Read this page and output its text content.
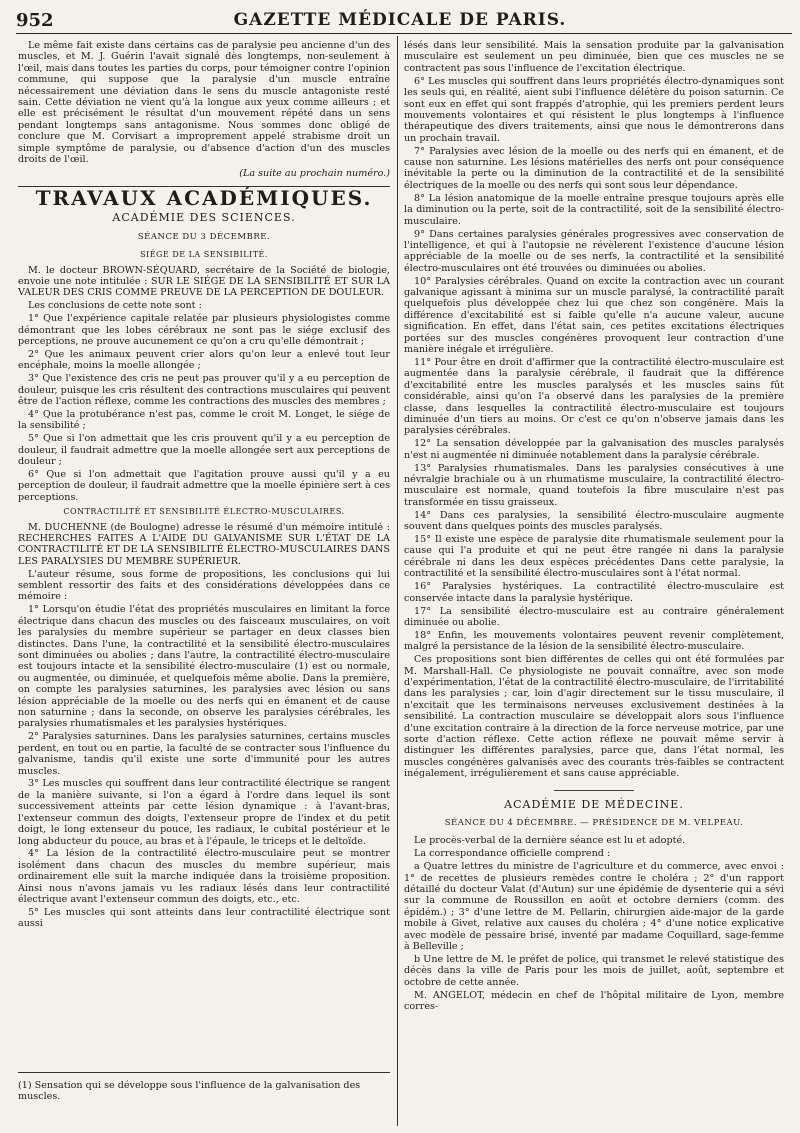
952	GAZETTE MÉDICALE DE PARIS.

Le même fait existe dans certains cas de paralysie peu ancienne d'un des muscles, et M. J. Guérin l'avait signalé dès longtemps, non-seulement à l'œil, mais dans toutes les parties du corps, pour témoigner contre l'opinion commune, qui suppose que la paralysie d'un muscle entraîne nécessairement une déviation dans le sens du muscle antagoniste resté sain. Cette déviation ne vient qu'à la longue aux yeux comme ailleurs ; et elle est précisément le résultat d'un mouvement répété dans un sens pendant longtemps sans antagonisme. Nous sommes donc obligé de conclure que M. Corvisart a improprement appelé strabisme droit un simple symptôme de paralysie, ou d'absence d'action d'un des muscles droits de l'œil.

(La suite au prochain numéro.)

TRAVAUX ACADÉMIQUES.
ACADÉMIE DES SCIENCES.
SÉANCE DU 3 DÉCEMBRE.
SIÉGE DE LA SENSIBILITÉ.

M. le docteur BROWN-SÉQUARD, secrétaire de la Société de biologie, envoie une note intitulée : SUR LE SIÉGE DE LA SENSIBILITÉ ET SUR LA VALEUR DES CRIS COMME PREUVE DE LA PERCEPTION DE DOULEUR.

Les conclusions de cette note sont :

1° Que l'expérience capitale relatée par plusieurs physiologistes comme démontrant que les lobes cérébraux ne sont pas le siége exclusif des perceptions, ne prouve aucunement ce qu'on a cru qu'elle démontrait ;

2° Que les animaux peuvent crier alors qu'on leur a enlevé tout leur encéphale, moins la moelle allongée ;

3° Que l'existence des cris ne peut pas prouver qu'il y a eu perception de douleur, puisque les cris résultent des contractions musculaires qui peuvent être de l'action réflexe, comme les contractions des muscles des membres ;

4° Que la protubérance n'est pas, comme le croit M. Longet, le siége de la sensibilité ;

5° Que si l'on admettait que les cris prouvent qu'il y a eu perception de douleur, il faudrait admettre que la moelle allongée sert aux perceptions de douleur ;

6° Que si l'on admettait que l'agitation prouve aussi qu'il y a eu perception de douleur, il faudrait admettre que la moelle épinière sert à ces perceptions.

CONTRACTILITÉ ET SENSIBILITÉ ÉLECTRO-MUSCULAIRES.

M. DUCHENNE (de Boulogne) adresse le résumé d'un mémoire intitulé : RECHERCHES FAITES A L'AIDE DU GALVANISME SUR L'ÉTAT DE LA CONTRACTILITÉ ET DE LA SENSIBILITÉ ÉLECTRO-MUSCULAIRES DANS LES PARALYSIES DU MEMBRE SUPÉRIEUR.

L'auteur résume, sous forme de propositions, les conclusions qui lui semblent ressortir des faits et des considérations développées dans ce mémoire :

1° Lorsqu'on étudie l'état des propriétés musculaires en limitant la force électrique dans chacun des muscles ou des faisceaux musculaires, on voit les paralysies du membre supérieur se partager en deux classes bien distinctes. Dans l'une, la contractilité et la sensibilité électro-musculaires sont diminuées ou abolies ; dans l'autre, la contractilité électro-musculaire est toujours intacte et la sensibilité électro-musculaire (1) est ou normale, ou augmentée, ou diminuée, et quelquefois même abolie. Dans la première, on compte les paralysies saturnines, les paralysies avec lésion ou sans lésion appréciable de la moelle ou des nerfs qui en émanent et de cause non saturnine ; dans la seconde, on observe les paralysies cérébrales, les paralysies rhumatismales et les paralysies hystériques.

2° Paralysies saturnines. Dans les paralysies saturnines, certains muscles perdent, en tout ou en partie, la faculté de se contracter sous l'influence du galvanisme, tandis qu'il existe une sorte d'immunité pour les autres muscles.

3° Les muscles qui souffrent dans leur contractilité électrique se rangent de la manière suivante, si l'on a égard à l'ordre dans lequel ils sont successivement atteints par cette lésion dynamique : à l'avant-bras, l'extenseur commun des doigts, l'extenseur propre de l'index et du petit doigt, le long extenseur du pouce, les radiaux, le cubital postérieur et le long abducteur du pouce, au bras et à l'épaule, le triceps et le deltoïde.

4° La lésion de la contractilité électro-musculaire peut se montrer isolément dans chacun des muscles du membre supérieur, mais ordinairement elle suit la marche indiquée dans la troisième proposition. Ainsi nous n'avons jamais vu les radiaux lésés dans leur contractilité électrique avant l'extenseur commun des doigts, etc., etc.

5° Les muscles qui sont atteints dans leur contractilité électrique sont aussi

(1) Sensation qui se développe sous l'influence de la galvanisation des muscles.

lésés dans leur sensibilité. Mais la sensation produite par la galvanisation musculaire est seulement un peu diminuée, bien que ces muscles ne se contractent pas sous l'influence de l'excitation électrique.

6° Les muscles qui souffrent dans leurs propriétés électro-dynamiques sont les seuls qui, en réalité, aient subi l'influence délétère du poison saturnin. Ce sont eux en effet qui sont frappés d'atrophie, qui les premiers perdent leurs mouvements volontaires et qui résistent le plus longtemps à l'influence thérapeutique des divers traitements, ainsi que nous le démontrerons dans un prochain travail.

7° Paralysies avec lésion de la moelle ou des nerfs qui en émanent, et de cause non saturnine. Les lésions matérielles des nerfs ont pour conséquence inévitable la perte ou la diminution de la contractilité et de la sensibilité électriques de la moelle ou des nerfs qui sont sous leur dépendance.

8° La lésion anatomique de la moelle entraîne presque toujours après elle la diminution ou la perte, soit de la contractilité, soit de la sensibilité électro-musculaire.

9° Dans certaines paralysies générales progressives avec conservation de l'intelligence, et qui à l'autopsie ne révèlerent l'existence d'aucune lésion appréciable de la moelle ou de ses nerfs, la contractilité et la sensibilité électro-musculaires ont été trouvées ou diminuées ou abolies.

10° Paralysies cérébrales. Quand on excite la contraction avec un courant galvanique agissant à minima sur un muscle paralysé, la contractilité paraît quelquefois plus développée chez lui que chez son congénère. Mais la différence d'excitabilité est si faible qu'elle n'a aucune valeur, aucune signification. En effet, dans l'état sain, ces petites excitations électriques portées sur des muscles congénères provoquent leur contraction d'une manière inégale et irrégulière.

11° Pour être en droit d'affirmer que la contractilité électro-musculaire est augmentée dans la paralysie cérébrale, il faudrait que la différence d'excitabilité entre les muscles paralysés et les muscles sains fût considérable, ainsi qu'on l'a observé dans les paralysies de la première classe, dans lesquelles la contractilité électro-musculaire est toujours diminuée d'un tiers au moins. Or c'est ce qu'on n'observe jamais dans les paralysies cérébrales.

12° La sensation développée par la galvanisation des muscles paralysés n'est ni augmentée ni diminuée notablement dans la paralysie cérébrale.

13° Paralysies rhumatismales. Dans les paralysies consécutives à une névralgie brachiale ou à un rhumatisme musculaire, la contractilité électro-musculaire est normale, quand toutefois la fibre musculaire n'est pas transformée en tissu graisseux.

14° Dans ces paralysies, la sensibilité électro-musculaire augmente souvent dans quelques points des muscles paralysés.

15° Il existe une espèce de paralysie dite rhumatismale seulement pour la cause qui l'a produite et qui ne peut être rangée ni dans la paralysie cérébrale ni dans les deux espèces précédentes Dans cette paralysie, la contractilité et la sensibilité électro-musculaires sont à l'état normal.

16° Paralysies hystériques. La contractilité électro-musculaire est conservée intacte dans la paralysie hystérique.

17° La sensibilité électro-musculaire est au contraire généralement diminuée ou abolie.

18° Enfin, les mouvements volontaires peuvent revenir complètement, malgré la persistance de la lésion de la sensibilité électro-musculaire.

Ces propositions sont bien différentes de celles qui ont été formulées par M. Marshall-Hall. Ce physiologiste ne pouvait connaître, avec son mode d'expérimentation, l'état de la contractilité électro-musculaire, de l'irritabilité dans les paralysies ; car, loin d'agir directement sur le tissu musculaire, il n'excitait que les terminaisons nerveuses exclusivement destinées à la sensibilité. La contraction musculaire se développait alors sous l'influence d'une excitation contraire à la direction de la force nerveuse motrice, par une sorte d'action réflexe. Cette action réflexe ne pouvait même servir à distinguer les différentes paralysies, parce que, dans l'état normal, les muscles congénères galvanisés avec des courants très-faibles se contractent inégalement, irrégulièrement et sans cause appréciable.

ACADÉMIE DE MÉDECINE.
SÉANCE DU 4 DÉCEMBRE. — PRÉSIDENCE DE M. VELPEAU.

Le procès-verbal de la dernière séance est lu et adopté.

La correspondance officielle comprend :

a Quatre lettres du ministre de l'agriculture et du commerce, avec envoi : 1° de recettes de plusieurs remèdes contre le choléra ; 2° d'un rapport détaillé du docteur Valat (d'Autun) sur une épidémie de dysenterie qui a sévi sur la commune de Roussillon en août et octobre derniers (comm. des épidém.) ; 3° d'une lettre de M. Pellarin, chirurgien aide-major de la garde mobile à Givet, relative aux causes du choléra ; 4° d'une notice explicative avec modèle de pessaire brisé, inventé par madame Coquillard, sage-femme à Belleville ;

b Une lettre de M. le préfet de police, qui transmet le relevé statistique des décès dans la ville de Paris pour les mois de juillet, août, septembre et octobre de cette année.

M. ANGELOT, médecin en chef de l'hôpital militaire de Lyon, membre corres-
